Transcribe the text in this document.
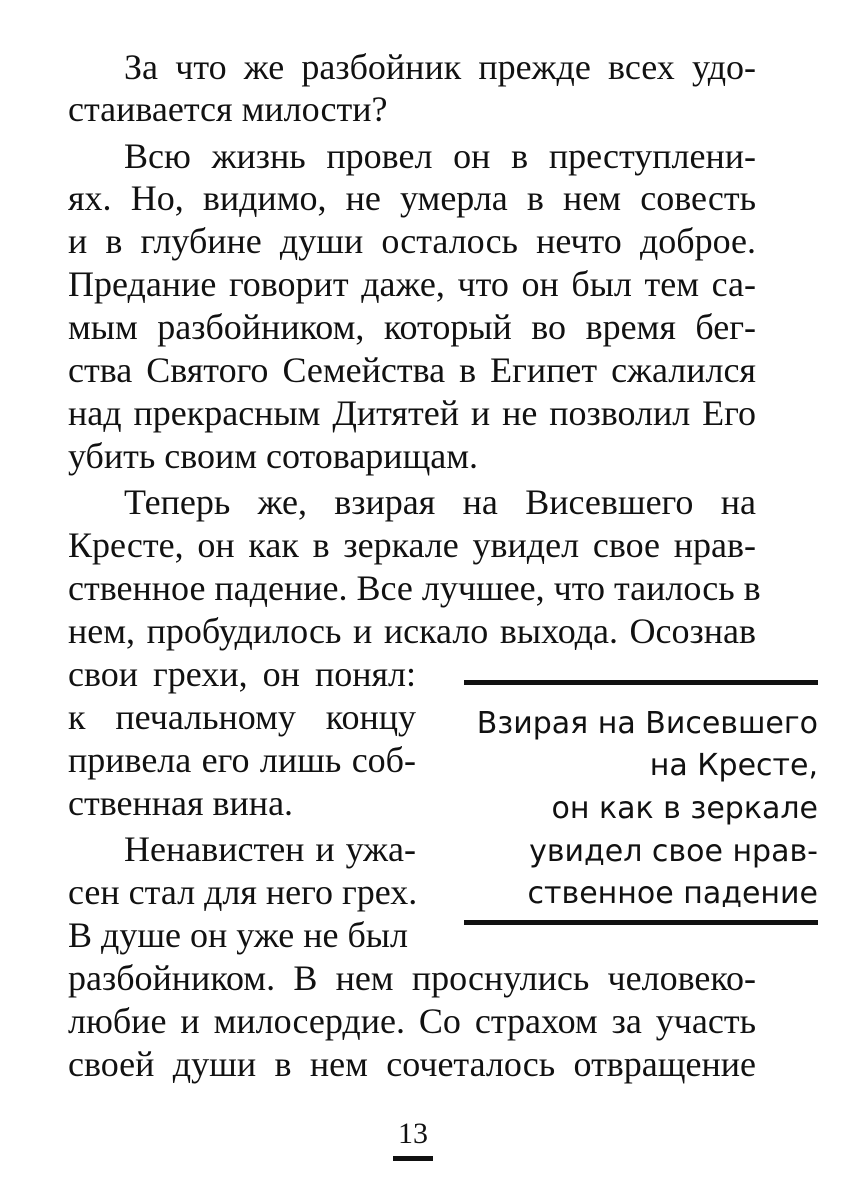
За что же разбойник прежде всех удо-
стаивается милости?
Всю жизнь провел он в преступлени-
ях. Но, видимо, не умерла в нем совесть
и в глубине души осталось нечто доброе.
Предание говорит даже, что он был тем са-
мым разбойником, который во время бег-
ства Святого Семейства в Египет сжалился
над прекрасным Дитятей и не позволил Его
убить своим сотоварищам.
Теперь же, взирая на Висевшего на
Кресте, он как в зеркале увидел свое нрав-
ственное падение. Все лучшее, что таилось в
нем, пробудилось и искало выхода. Осознав
свои грехи, он понял:
к печальному концу
привела его лишь соб-
ственная вина.
Ненавистен и ужа-
сен стал для него грех.
В душе он уже не был
разбойником. В нем проснулись человеко-
любие и милосердие. Со страхом за участь
своей души в нем сочеталось отвращение
Взирая на Висевшего
на Кресте,
он как в зеркале
увидел свое нрав-
ственное падение
13
